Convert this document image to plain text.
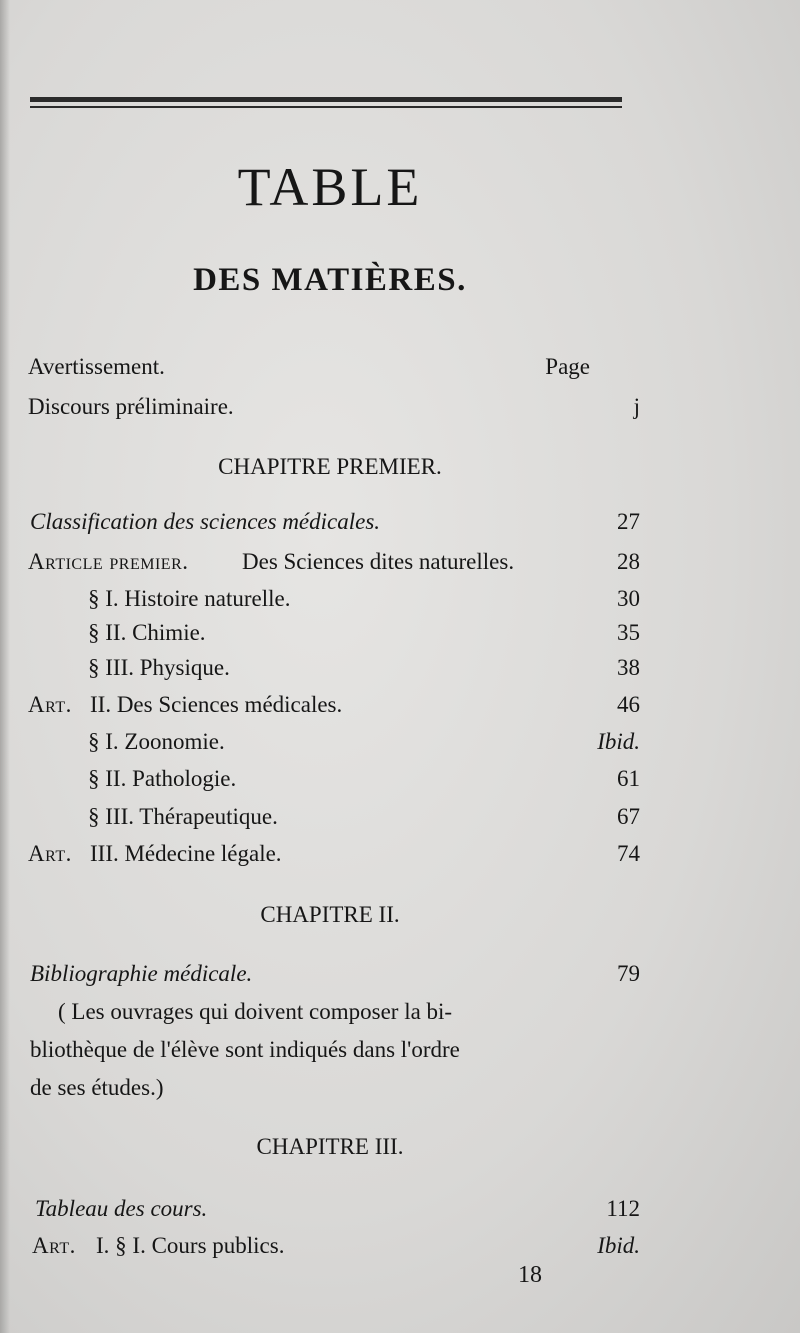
TABLE
DES MATIÈRES.
Avertissement.	Page
Discours préliminaire.	j
CHAPITRE PREMIER.
Classification des sciences médicales.	27
Article premier. Des Sciences dites naturelles.	28
§ I. Histoire naturelle.	30
§ II. Chimie.	35
§ III. Physique.	38
Art. II. Des Sciences médicales.	46
§ I. Zoonomie.	Ibid.
§ II. Pathologie.	61
§ III. Thérapeutique.	67
Art. III. Médecine légale.	74
CHAPITRE II.
Bibliographie médicale.	79
( Les ouvrages qui doivent composer la bi-
bliothèque de l'élève sont indiqués dans l'ordre
de ses études.)
CHAPITRE III.
Tableau des cours.	112
Art. I. § I. Cours publics.	Ibid.
18
